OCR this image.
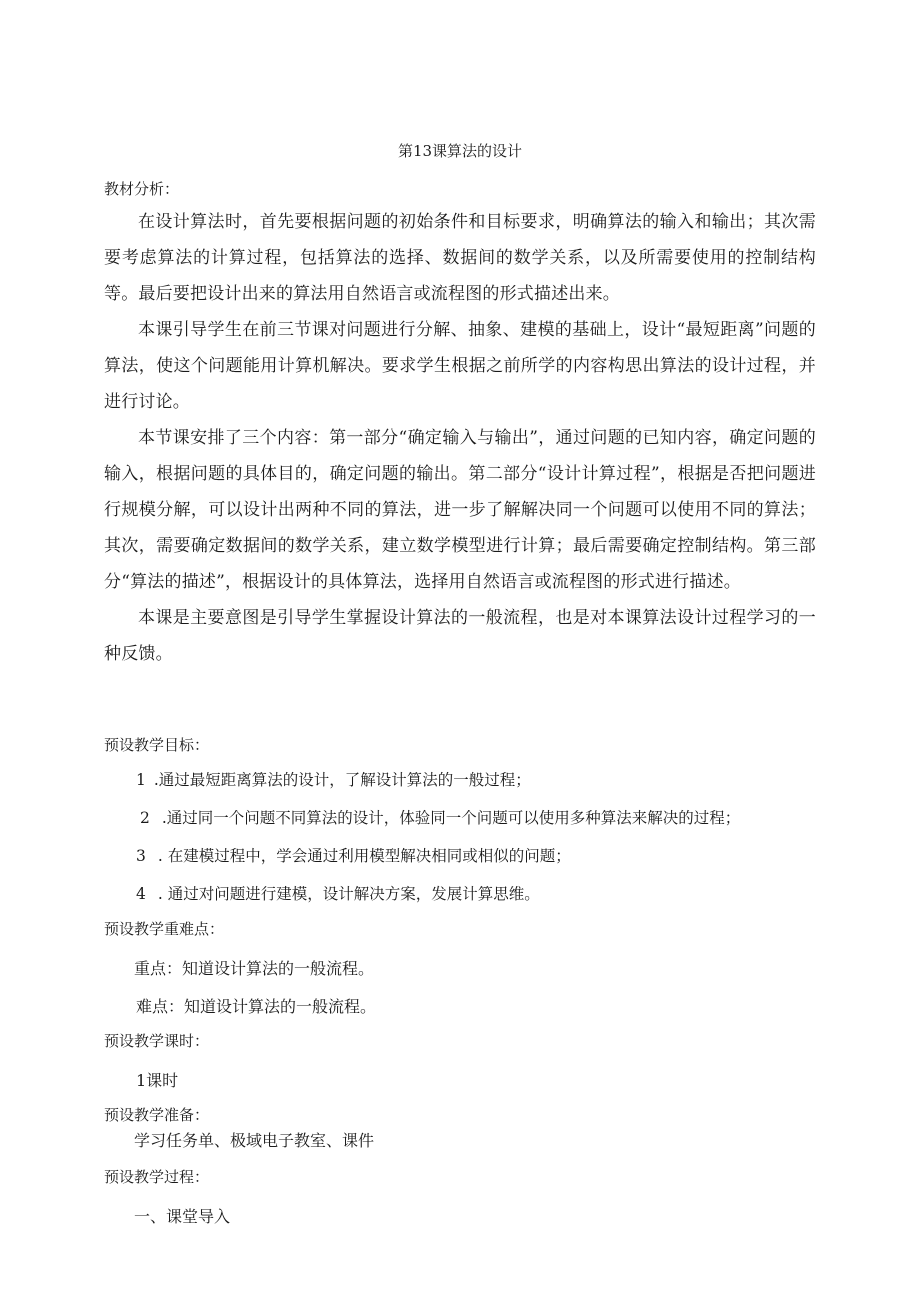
第13课算法的设计
教材分析：
在设计算法时，首先要根据问题的初始条件和目标要求，明确算法的输入和输出；其次需要考虑算法的计算过程，包括算法的选择、数据间的数学关系，以及所需要使用的控制结构等。最后要把设计出来的算法用自然语言或流程图的形式描述出来。
本课引导学生在前三节课对问题进行分解、抽象、建模的基础上，设计“最短距离”问题的算法，使这个问题能用计算机解决。要求学生根据之前所学的内容构思出算法的设计过程，并进行讨论。
本节课安排了三个内容：第一部分“确定输入与输出”，通过问题的已知内容，确定问题的输入，根据问题的具体目的，确定问题的输出。第二部分“设计计算过程”，根据是否把问题进行规模分解，可以设计出两种不同的算法，进一步了解解决同一个问题可以使用不同的算法；其次，需要确定数据间的数学关系，建立数学模型进行计算；最后需要确定控制结构。第三部分“算法的描述”，根据设计的具体算法，选择用自然语言或流程图的形式进行描述。
本课是主要意图是引导学生掌握设计算法的一般流程，也是对本课算法设计过程学习的一种反馈。
预设教学目标：
1 .通过最短距离算法的设计，了解设计算法的一般过程；
2 .通过同一个问题不同算法的设计，体验同一个问题可以使用多种算法来解决的过程；
3 . 在建模过程中，学会通过利用模型解决相同或相似的问题；
4 . 通过对问题进行建模，设计解决方案，发展计算思维。
预设教学重难点：
重点：知道设计算法的一般流程。
难点：知道设计算法的一般流程。
预设教学课时：
1课时
预设教学准备：
学习任务单、极域电子教室、课件
预设教学过程：
一、课堂导入
